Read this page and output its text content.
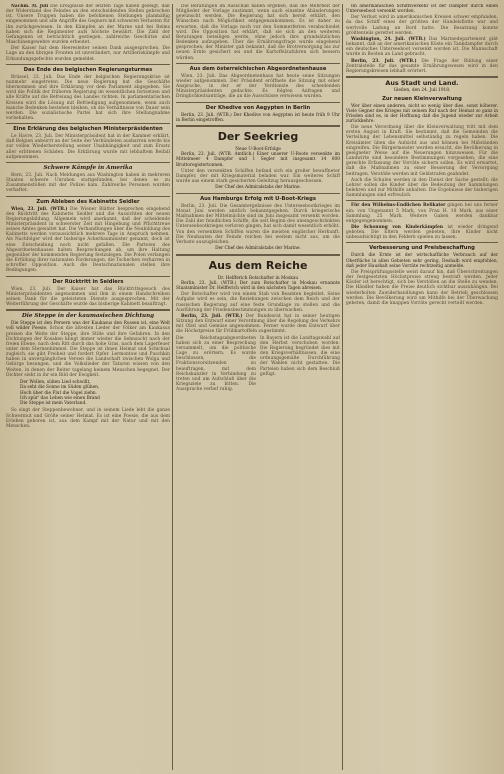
Nachm. ℳ. Juli Die Ereignisse der letzten Tage haben gezeigt, daß der Widerstand des Feindes an den entscheidenden Stellen gebrochen ist. Unsere Truppen haben die befohlenen Stellungen planmäßig eingenommen und alle Angriffe des Gegners mit schweren Verlusten für ihn zurückgewiesen. In den Kämpfen an der Marne und bei Reims haben sich die Regimenter aufs höchste bewährt. Die Zahl der Gefangenen ist beträchtlich gestiegen, zahlreiche Geschütze und Maschinengewehre wurden erbeutet.
Der Kaiser hat dem Heeresleiter seinen Dank ausgesprochen. Die Lage an den übrigen Fronten ist unverändert, nur Artilleriekämpfe und Erkundungsgefechte wurden gemeldet.
Das Ende des belgischen Regierungsturmes
Brüssel, 23. Juli. Das Ende der belgischen Regierungskrise ist nunmehr eingetreten. Die neue Regierung hat die Geschäfte übernommen und ihre Erklärung vor dem Parlament abgegeben. Sie wird die Politik der früheren Regierung im wesentlichen fortsetzen und alle Kräfte auf die Befreiung des Landes richten. In parlamentarischen Kreisen wird die Lösung mit Befriedigung aufgenommen, wenn auch manche Bedenken bestehen bleiben, ob die Verhältnisse von Dauer sein werden. Die sozialistische Partei hat sich ihre Stellungnahme vorbehalten.
Eine Erklärung des belgischen Ministerpräsidenten
Le Havre, 23. Juli. Der Ministerpräsident hat in der Kammer erklärt, daß Belgien unbeirrt an der Seite der Verbündeten ausharren werde bis zur vollen Wiederherstellung seiner Unabhängigkeit und zum Ersatz aller erlittenen Schäden. Die Erklärung wurde mit lebhaftem Beifall aufgenommen.
Schwere Kämpfe in Amerika
Bern, 23. Juli. Nach Meldungen aus Washington haben in mehreren Staaten schwere Unruhen stattgefunden, bei denen es zu Zusammenstößen mit der Polizei kam. Zahlreiche Personen wurden verhaftet.
Zum Ableben des Kabinetts Seidler
Wien, 23. Juli. (WTB.) Die Wiener Blätter besprechen eingehend den Rücktritt des Kabinetts Seidler und die Aussichten der neuen Regierungsbildung. Allgemein wird anerkannt, daß der scheidende Ministerpräsident in schwerster Zeit mit Hingebung und Pflichttreue seines Amtes gewaltet hat. Die Verhandlungen über die Neubildung des Kabinetts werden voraussichtlich mehrere Tage in Anspruch nehmen. Als Nachfolger wird der bisherige Ackerbauminister genannt, doch ist eine Entscheidung noch nicht gefallen. Die Parteien des Abgeordnetenhauses halten Besprechungen ab, um ihre Haltung gegenüber der kommenden Regierung festzulegen. Die Polen verlangen die Erfüllung ihrer nationalen Forderungen, die Tschechen verharren in schroffer Opposition. Auch die Deutschnationalen stellen ihre Bedingungen.
Der Rücktritt in Seidlers
Wien, 23. Juli. Der Kaiser hat das Rücktrittsgesuch des Ministerpräsidenten angenommen und ihm in einem Handschreiben seinen Dank für die geleisteten Dienste ausgesprochen. Mit der Weiterführung der Geschäfte wurde das bisherige Kabinett beauftragt.
Die Steppe in der kaumasischen Dichtung
Die Steppe ist den Persern was der Kaukasus den Russen ist, eine Welt voll wilder Poesie. Schon die ältesten Lieder der Völker am Kaukasus preisen die Weite der Steppe, ihre Stille und ihre Gefahren. In den Dichtungen der Kosaken klingt immer wieder die Sehnsucht nach der freien Ebene, nach dem Ritt durch das hohe Gras, nach dem Lagerfeuer unter dem Sternenhimmel. Die Steppe ist ihnen Heimat und Schicksal zugleich, sie gibt Freiheit und fordert Opfer. Lermontow und Puschkin haben in unvergänglichen Versen die Landschaft zwischen Wolga und Gebirge besungen, und die Volkslieder der Tataren wissen von den Weiten, in denen der Reiter tagelang keinem Menschen begegnet. Der Dichter sieht in ihr ein Bild der Ewigkeit.
Der Wollen, süßen Lied schwillt,
Da seht die Sonne im Süden glühen,
Hoch über die Flut die Vogel ziehn.
Ich spür' das Leben wie einen Brand
Die Steppe ist mein Vaterland.
So singt der Steppenbewohner, und in seinem Liede lebt die ganze Schwermut und Größe seiner Heimat. Es ist eine Poesie, die aus dem Erleben geboren ist, aus dem Kampf mit der Natur und mit den Menschen.
Die Beratungen im Ausschuß haben ergeben, daß die Mehrheit der Mitglieder der Vorlage zustimmt, wenn auch einzelne Abänderungen gewünscht werden. Die Regierung hat sich bereit erklärt, den Wünschen nach Möglichkeit entgegenzukommen. Es ist daher zu erwarten, daß die Vorlage noch vor den Sommerferien verabschiedet wird. Die Opposition hat erklärt, daß sie sich an den weiteren Beratungen beteiligen werde, ohne jedoch ihre grundsätzlichen Bedenken aufzugeben. Über die Ernährungsfrage wurde eingehend gesprochen; der Minister gab bekannt, daß die Brotversorgung bis zur neuen Ernte gesichert sei und die Kartoffelzufuhren sich bessern würden.
Aus dem österreichischen Abgeordnetenhause
Wien, 23. Juli. Das Abgeordnetenhaus hat heute seine Sitzungen wieder aufgenommen. Der Präsident eröffnete die Sitzung mit einer Ansprache, in der er der Verdienste des scheidenden Ministerpräsidenten gedachte. Es folgten Anfragen und Dringlichkeitsanträge, die an die Ausschüsse verwiesen wurden.
Der Khedive von Aegypten in Berlin
Berlin, 23. Juli. (WTB.) Der Khedive von Aegypten ist heute früh 9 Uhr in Berlin eingetroffen.
Der Seekrieg
Neue U-Boot-Erfolge
Berlin, 23. Juli. (WTB. Amtlich.) Einer unserer U-Boote versenkte im Mittelmeer 4 Dampfer und 1 Segler mit insgesamt 14 000 Bruttoregistertonnen.
Unter den versenkten Schiffen befand sich ein großer bewaffneter Dampfer, der mit Kriegsmaterial beladen war. Ein weiteres Schiff wurde aus einem stark gesicherten Geleitzug herausgeschossen.
Der Chef des Admiralstabs der Marine.
Aus Hamburgs Erfolg mit U-Boot-Kriegs
Berlin, 23. Juli. Die Gesamtergebnisse des Unterseebootkrieges im Monat Juni werden amtlich bekanntgegeben. Durch kriegerische Maßnahmen der Mittelmächte sind im Juni insgesamt versenkt worden. Die Zahl der feindlichen Schiffe, die seit Beginn des uneingeschränkten Unterseebootkrieges verloren gingen, hat sich damit wesentlich erhöht. Von den versenkten Schiffen waren die meisten englischer Herkunft. Die Neubauten der Feinde reichen bei weitem nicht aus, um die Verluste auszugleichen.
Der Chef des Admiralstabs der Marine.
Aus dem Reiche
Dr. Helfferich Botschafter in Moskau
Berlin, 23. Juli. (WTB.) Der zum Botschafter in Moskau ernannte Staatsminister Dr. Helfferich wird in den nächsten Tagen abreisen.
Der Botschafter wird von einem Stab von Beamten begleitet. Seine Aufgabe wird es sein, die Beziehungen zwischen dem Reich und der russischen Regierung auf eine feste Grundlage zu stellen und die Ausführung der Friedensbestimmungen zu überwachen.
Berlin, 23. Juli. (WTB.) Der Bundesrat hat in seiner heutigen Sitzung den Entwurf einer Verordnung über die Regelung des Verkehrs mit Obst und Gemüse angenommen. Ferner wurde dem Entwurf über die Höchstpreise für Frühkartoffeln zugestimmt.
Die Reichstagsabgeordneten haben sich zu einer Besprechung versammelt, um die politische Lage zu erörtern. Es wurde beschlossen, die Fraktionsvorsitzenden zu beauftragen, mit dem Reichskanzler in Verbindung zu treten und um Aufschluß über die Kriegsziele zu bitten. Die Aussprache verlief ruhig.
In Bayern ist die Landtagswahl auf den Herbst verschoben worden. Die Regierung begründet dies mit den Kriegsverhältnissen, die eine ordnungsgemäße Durchführung der Wahlen nicht gestatten. Die Parteien haben sich dem Beschluß gefügt.
Im amerikanischen Schiffsverkehr ist der Dampfer durch einen Unterseeboot versenkt worden.
Der Verlust wird in amerikanischen Kreisen schwer empfunden, da das Schiff eines der größten der Handelsflotte war und wertvolle Ladung an Bord hatte. Die Besatzung konnte größtenteils gerettet werden.
Washington, 24. Juli. (WTB.) Das Marinedepartement gibt bekannt, daß an der amerikanischen Küste ein Tankdampfer durch ein deutsches Unterseeboot versenkt worden ist. Die Mannschaft wurde in Booten an Land gebracht.
Berlin, 23. Juli. (WTB.) Die Frage der Bildung einer Zentralstelle für das gesamte Ernährungswesen wird in den Regierungskreisen lebhaft erörtert.
Aus Stadt und Land.
Gießen, den 24. Juli 1918.
Zur neuen Kleinverwaltung
Wer über einen anderen, nicht so wenig über dies, sonst höherer. Viele Gegner des Krieges mit seinem Ruf nach der Heimat so ganz in Frieden sind es, in der Hoffnung daß die Jugend wieder zur Arbeit zurückkehre.
Die neue Verordnung über die Kleinverwaltung tritt mit dem ersten August in Kraft. Sie bestimmt, daß die Gemeinden die Verteilung der Lebensmittel selbständig zu regeln haben. Die Kreisämter üben die Aufsicht aus und können bei Mißständen eingreifen. Die Bürgermeister werden ersucht, die Bevölkerung in geeigneter Weise auf die Neuerungen hinzuweisen. Für die Landwirte sind besondere Bestimmungen vorgesehen, die eine gerechte Erfassung der Vorräte sichern sollen. Es wird erwartet, daß die Maßnahmen zu einer Besserung der Versorgung beitragen. Verstöße werden mit Geldstrafen geahndet.
Auch die Schulen werden in den Dienst der Sache gestellt; die Lehrer sollen die Kinder über die Bedeutung der Sammlungen belehren und zur Mithilfe anhalten. Die Ergebnisse der bisherigen Sammlungen sind erfreulich.
Für den Wilhelms-Endlichen Relikater gingen bei uns ferner ein: von Ungenannt 5 Mark, von Frau H. 10 Mark, aus einer Sammlung 25 Mark. Weitere Gaben werden dankbar entgegengenommen.
Die Schonung von Kinderkämpfen ist wieder dringend geboten. Die Eltern werden gebeten, ihre Kinder nicht unbeaufsichtigt in den Feldern spielen zu lassen.
Verbesserung und Preisbeschaffung
Durch die Ernte ist der wirtschaftliche Verbrauch auf der Oberfläche in allen Gebieten sehr gering. Deshalb wird empfohlen, daß jeder Haushalt seine Vorräte rechtzeitig anmelde.
Die Preisprüfungsstelle weist darauf hin, daß Überschreitungen der festgesetzten Höchstpreise streng bestraft werden. Jeder Käufer ist berechtigt, sich bei Verstößen an die Stelle zu wenden. Die Händler haben die Preise deutlich sichtbar auszuhängen. Bei wiederholten Zuwiderhandlungen kann der Betrieb geschlossen werden. Die Bevölkerung wird um Mithilfe bei der Überwachung gebeten, damit die knappen Vorräte gerecht verteilt werden.
